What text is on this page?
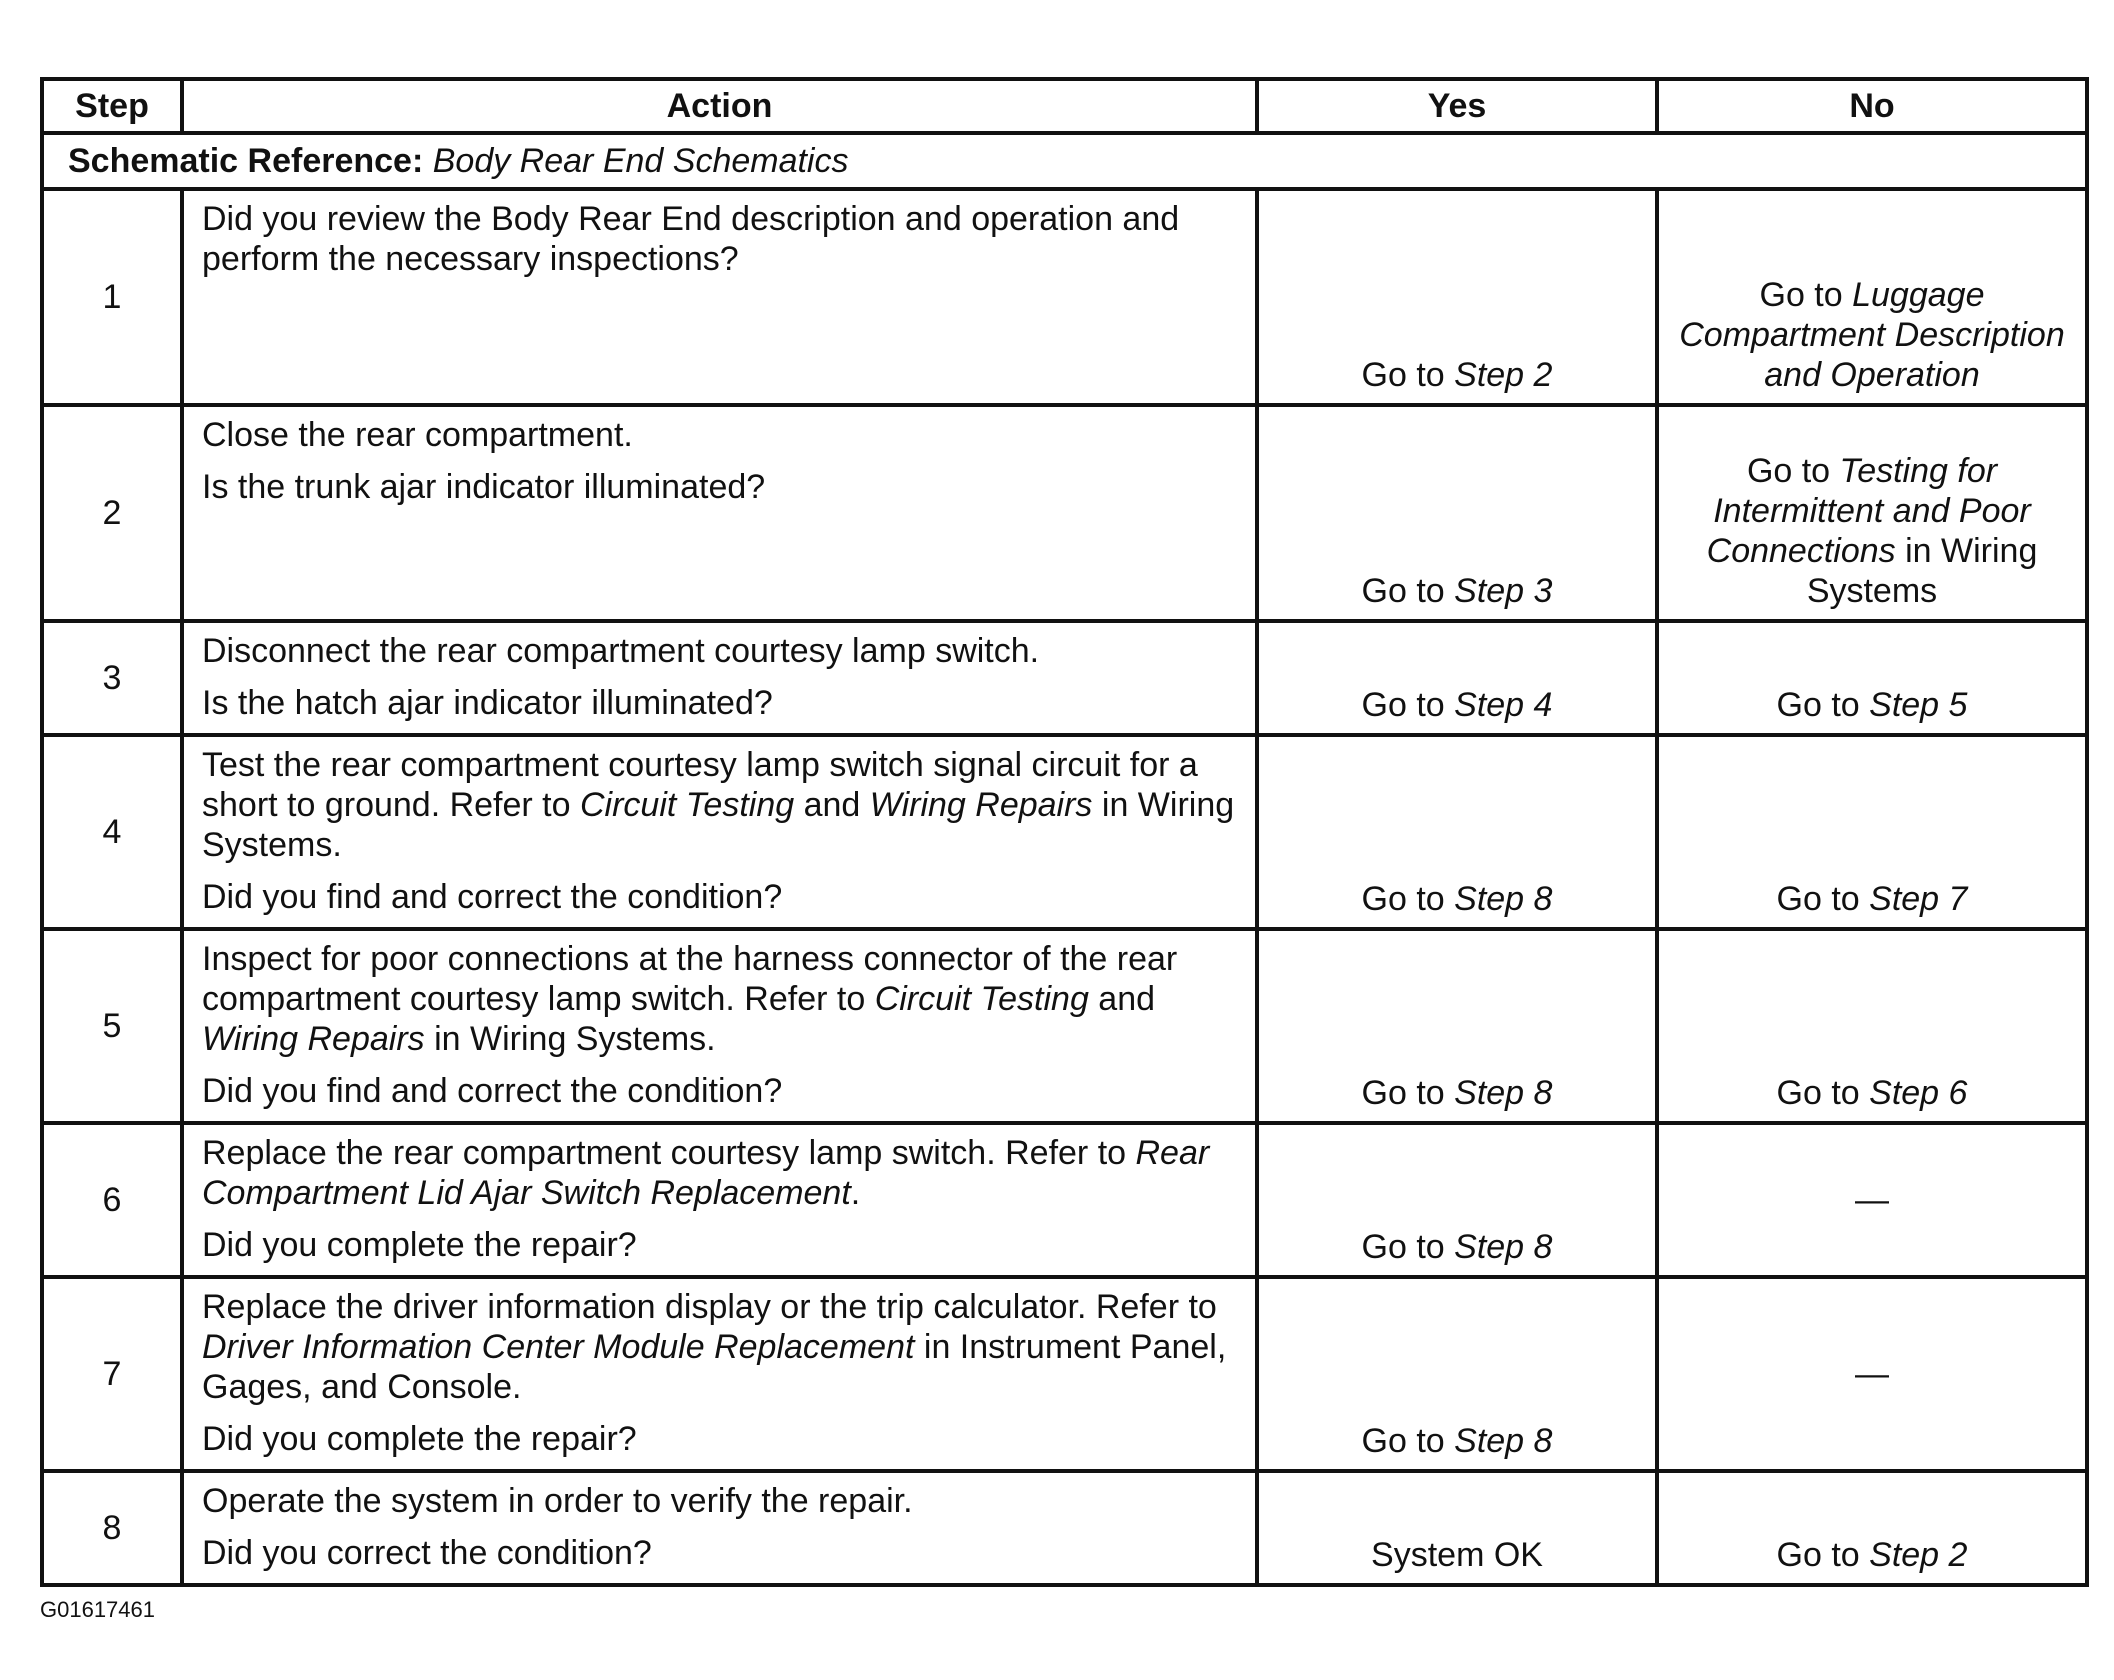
Step	Action	Yes	No
Schematic Reference: Body Rear End Schematics			
1	Did you review the Body Rear End description and operation and perform the necessary inspections?	Go to Step 2	Go to Luggage Compartment Description and Operation
2	Close the rear compartment.

Is the trunk ajar indicator illuminated?	Go to Step 3	Go to Testing for Intermittent and Poor Connections in Wiring Systems
3	Disconnect the rear compartment courtesy lamp switch.

Is the hatch ajar indicator illuminated?	Go to Step 4	Go to Step 5
4	Test the rear compartment courtesy lamp switch signal circuit for a short to ground. Refer to Circuit Testing and Wiring Repairs in Wiring Systems.

Did you find and correct the condition?	Go to Step 8	Go to Step 7
5	Inspect for poor connections at the harness connector of the rear compartment courtesy lamp switch. Refer to Circuit Testing and Wiring Repairs in Wiring Systems.

Did you find and correct the condition?	Go to Step 8	Go to Step 6
6	Replace the rear compartment courtesy lamp switch. Refer to Rear Compartment Lid Ajar Switch Replacement.

Did you complete the repair?	Go to Step 8	—
7	Replace the driver information display or the trip calculator. Refer to Driver Information Center Module Replacement in Instrument Panel, Gages, and Console.

Did you complete the repair?	Go to Step 8	—
8	Operate the system in order to verify the repair.

Did you correct the condition?	System OK	Go to Step 2
G01617461
